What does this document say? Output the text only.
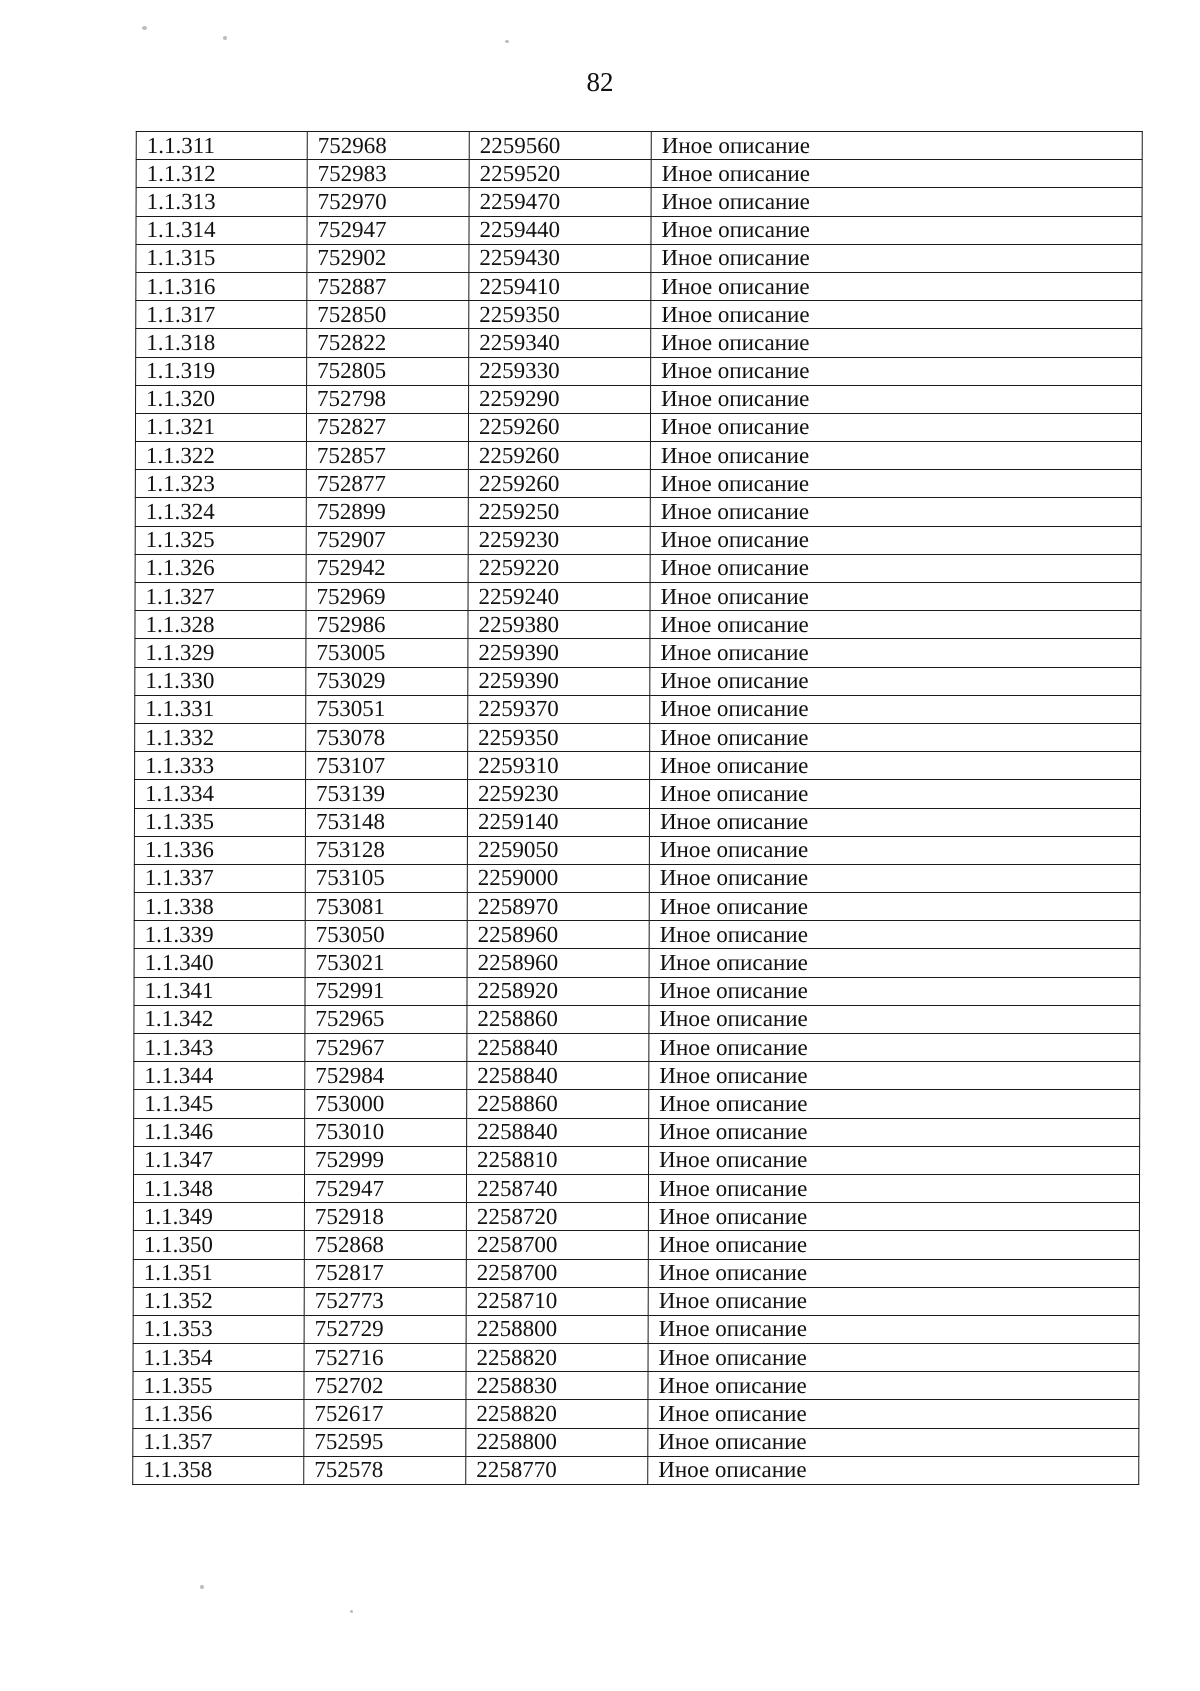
82
1.1.311	752968	2259560	Иное описание
1.1.312	752983	2259520	Иное описание
1.1.313	752970	2259470	Иное описание
1.1.314	752947	2259440	Иное описание
1.1.315	752902	2259430	Иное описание
1.1.316	752887	2259410	Иное описание
1.1.317	752850	2259350	Иное описание
1.1.318	752822	2259340	Иное описание
1.1.319	752805	2259330	Иное описание
1.1.320	752798	2259290	Иное описание
1.1.321	752827	2259260	Иное описание
1.1.322	752857	2259260	Иное описание
1.1.323	752877	2259260	Иное описание
1.1.324	752899	2259250	Иное описание
1.1.325	752907	2259230	Иное описание
1.1.326	752942	2259220	Иное описание
1.1.327	752969	2259240	Иное описание
1.1.328	752986	2259380	Иное описание
1.1.329	753005	2259390	Иное описание
1.1.330	753029	2259390	Иное описание
1.1.331	753051	2259370	Иное описание
1.1.332	753078	2259350	Иное описание
1.1.333	753107	2259310	Иное описание
1.1.334	753139	2259230	Иное описание
1.1.335	753148	2259140	Иное описание
1.1.336	753128	2259050	Иное описание
1.1.337	753105	2259000	Иное описание
1.1.338	753081	2258970	Иное описание
1.1.339	753050	2258960	Иное описание
1.1.340	753021	2258960	Иное описание
1.1.341	752991	2258920	Иное описание
1.1.342	752965	2258860	Иное описание
1.1.343	752967	2258840	Иное описание
1.1.344	752984	2258840	Иное описание
1.1.345	753000	2258860	Иное описание
1.1.346	753010	2258840	Иное описание
1.1.347	752999	2258810	Иное описание
1.1.348	752947	2258740	Иное описание
1.1.349	752918	2258720	Иное описание
1.1.350	752868	2258700	Иное описание
1.1.351	752817	2258700	Иное описание
1.1.352	752773	2258710	Иное описание
1.1.353	752729	2258800	Иное описание
1.1.354	752716	2258820	Иное описание
1.1.355	752702	2258830	Иное описание
1.1.356	752617	2258820	Иное описание
1.1.357	752595	2258800	Иное описание
1.1.358	752578	2258770	Иное описание
